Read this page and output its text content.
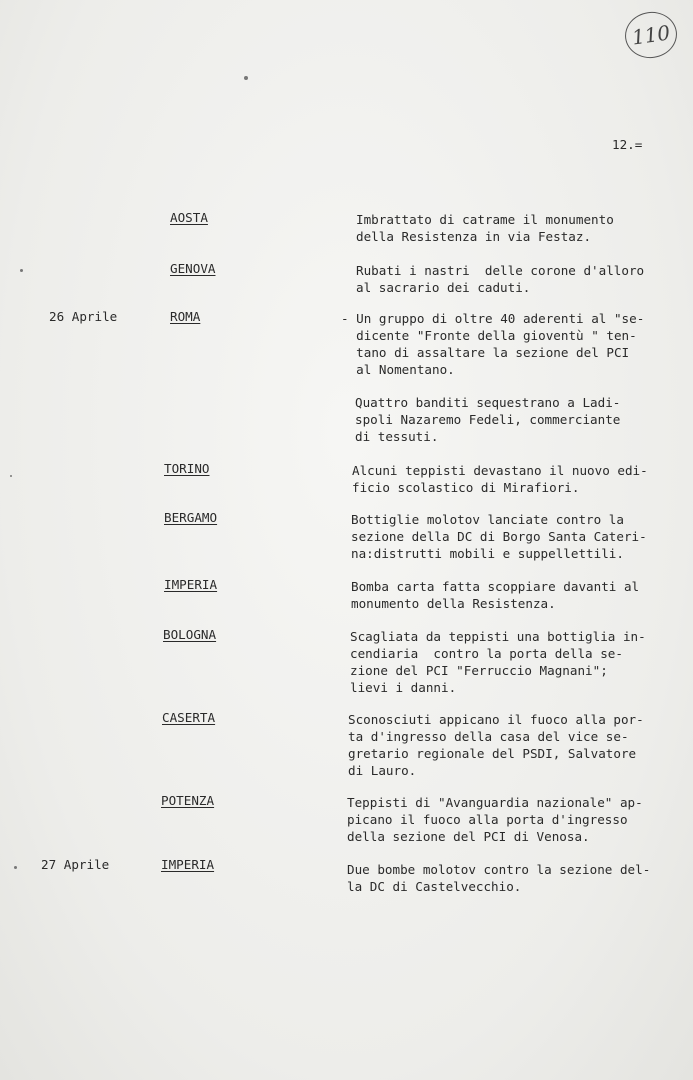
110
12.=
AOSTA	Imbrattato di catrame il monumento
della Resistenza in via Festaz.
GENOVA	Rubati i nastri  delle corone d'alloro
al sacrario dei caduti.
26 Aprile	ROMA	- Un gruppo di oltre 40 aderenti al "se-
dicente "Fronte della gioventù " ten-
tano di assaltare la sezione del PCI
al Nomentano.
Quattro banditi sequestrano a Ladi-
spoli Nazaremo Fedeli, commerciante
di tessuti.
TORINO	Alcuni teppisti devastano il nuovo edi-
ficio scolastico di Mirafiori.
BERGAMO	Bottiglie molotov lanciate contro la
sezione della DC di Borgo Santa Cateri-
na:distrutti mobili e suppellettili.
IMPERIA	Bomba carta fatta scoppiare davanti al
monumento della Resistenza.
BOLOGNA	Scagliata da teppisti una bottiglia in-
cendiaria  contro la porta della se-
zione del PCI "Ferruccio Magnani";
lievi i danni.
CASERTA	Sconosciuti appicano il fuoco alla por-
ta d'ingresso della casa del vice se-
gretario regionale del PSDI, Salvatore
di Lauro.
POTENZA	Teppisti di "Avanguardia nazionale" ap-
picano il fuoco alla porta d'ingresso
della sezione del PCI di Venosa.
27 Aprile	IMPERIA	Due bombe molotov contro la sezione del-
la DC di Castelvecchio.
